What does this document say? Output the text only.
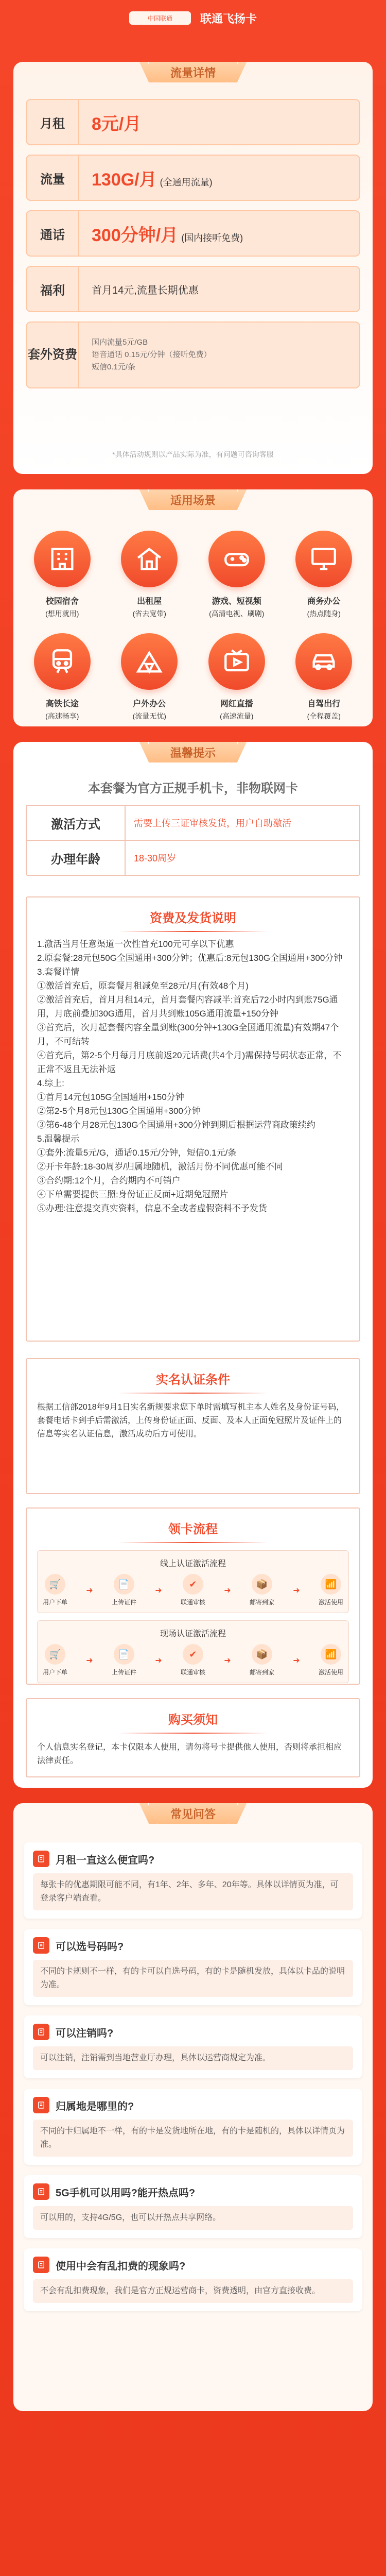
中国联通	联通飞扬卡
流量详情
月租	8元/月
流量	130G/月 (全通用流量)
通话	300分钟/月 (国内接听免费)
福利	首月14元,流量长期优惠
套外资费
国内流量5元/GB
语音通话 0.15元/分钟（接听免费）
短信0.1元/条
*具体活动规则以产品实际为准，有问题可咨询客服
适用场景
校园宿舍
(想用就用)
出租屋
(省去宽带)
游戏、短视频
(高清电视、刷剧)
商务办公
(热点随身)
高铁长途
(高速畅享)
户外办公
(流量无忧)
网红直播
(高速流量)
自驾出行
(全程覆盖)
温馨提示
本套餐为官方正规手机卡，非物联网卡
激活方式	需要上传三证审核发货，用户自助激活
办理年龄	18-30周岁
资费及发货说明
1.激活当月任意渠道一次性首充100元可享以下优惠
2.原套餐:28元包50G全国通用+300分钟；优惠后:8元包130G全国通用+300分钟
3.套餐详情
①激活首充后，原套餐月租减免至28元/月(有效48个月)
②激活首充后，首月月租14元，首月套餐内容减半:首充后72小时内到账75G通用，月底前叠加30G通用，首月共到账105G通用流量+150分钟
③首充后，次月起套餐内容全量到账(300分钟+130G全国通用流量)有效期47个月，不可结转
④首充后，第2-5个月每月月底前返20元话费(共4个月)需保持号码状态正常，不正常不返且无法补返
4.综上:
①首月14元包105G全国通用+150分钟
②第2-5个月8元包130G全国通用+300分钟
③第6-48个月28元包130G全国通用+300分钟到期后根据运营商政策续约
5.温馨提示
①套外:流量5元/G，通话0.15元/分钟，短信0.1元/条
②开卡年龄:18-30周岁/归属地随机，激活月份不同优惠可能不同
③合约期:12个月，合约期内不可销户
④下单需要提供三照:身份证正反面+近期免冠照片
⑤办理:注意提交真实资料，信息不全或者虚假资料不予发货
实名认证条件
根据工信部2018年9月1日实名新规要求您下单时需填写机主本人姓名及身份证号码，套餐电话卡到手后需激活，上传身份证正面、反面、及本人正面免冠照片及证件上的信息等实名认证信息，激活成功后方可使用。
领卡流程
线上认证激活流程
🛒
用户下单
➜
📄
上传证件
➜
✔
联通审核
➜
📦
邮寄到家
➜
📶
激活使用
现场认证激活流程
🛒
用户下单
➜
📄
上传证件
➜
✔
联通审核
➜
📦
邮寄到家
➜
📶
激活使用
购买须知
个人信息实名登记，本卡仅限本人使用，请勿将号卡提供他人使用，否则将承担相应法律责任。
常见问答
月租一直这么便宜吗?
每张卡的优惠期限可能不同，有1年、2年、多年、20年等。具体以详情页为准，可登录客户端查看。
可以选号码吗?
不同的卡规则不一样，有的卡可以自选号码，有的卡是随机发放，具体以卡品的说明为准。
可以注销吗?
可以注销，注销需到当地营业厅办理，具体以运营商规定为准。
归属地是哪里的?
不同的卡归属地不一样，有的卡是发货地所在地，有的卡是随机的，具体以详情页为准。
5G手机可以用吗?能开热点吗?
可以用的，支持4G/5G，也可以开热点共享网络。
使用中会有乱扣费的现象吗?
不会有乱扣费现象，我们是官方正规运营商卡，资费透明，由官方直接收费。
